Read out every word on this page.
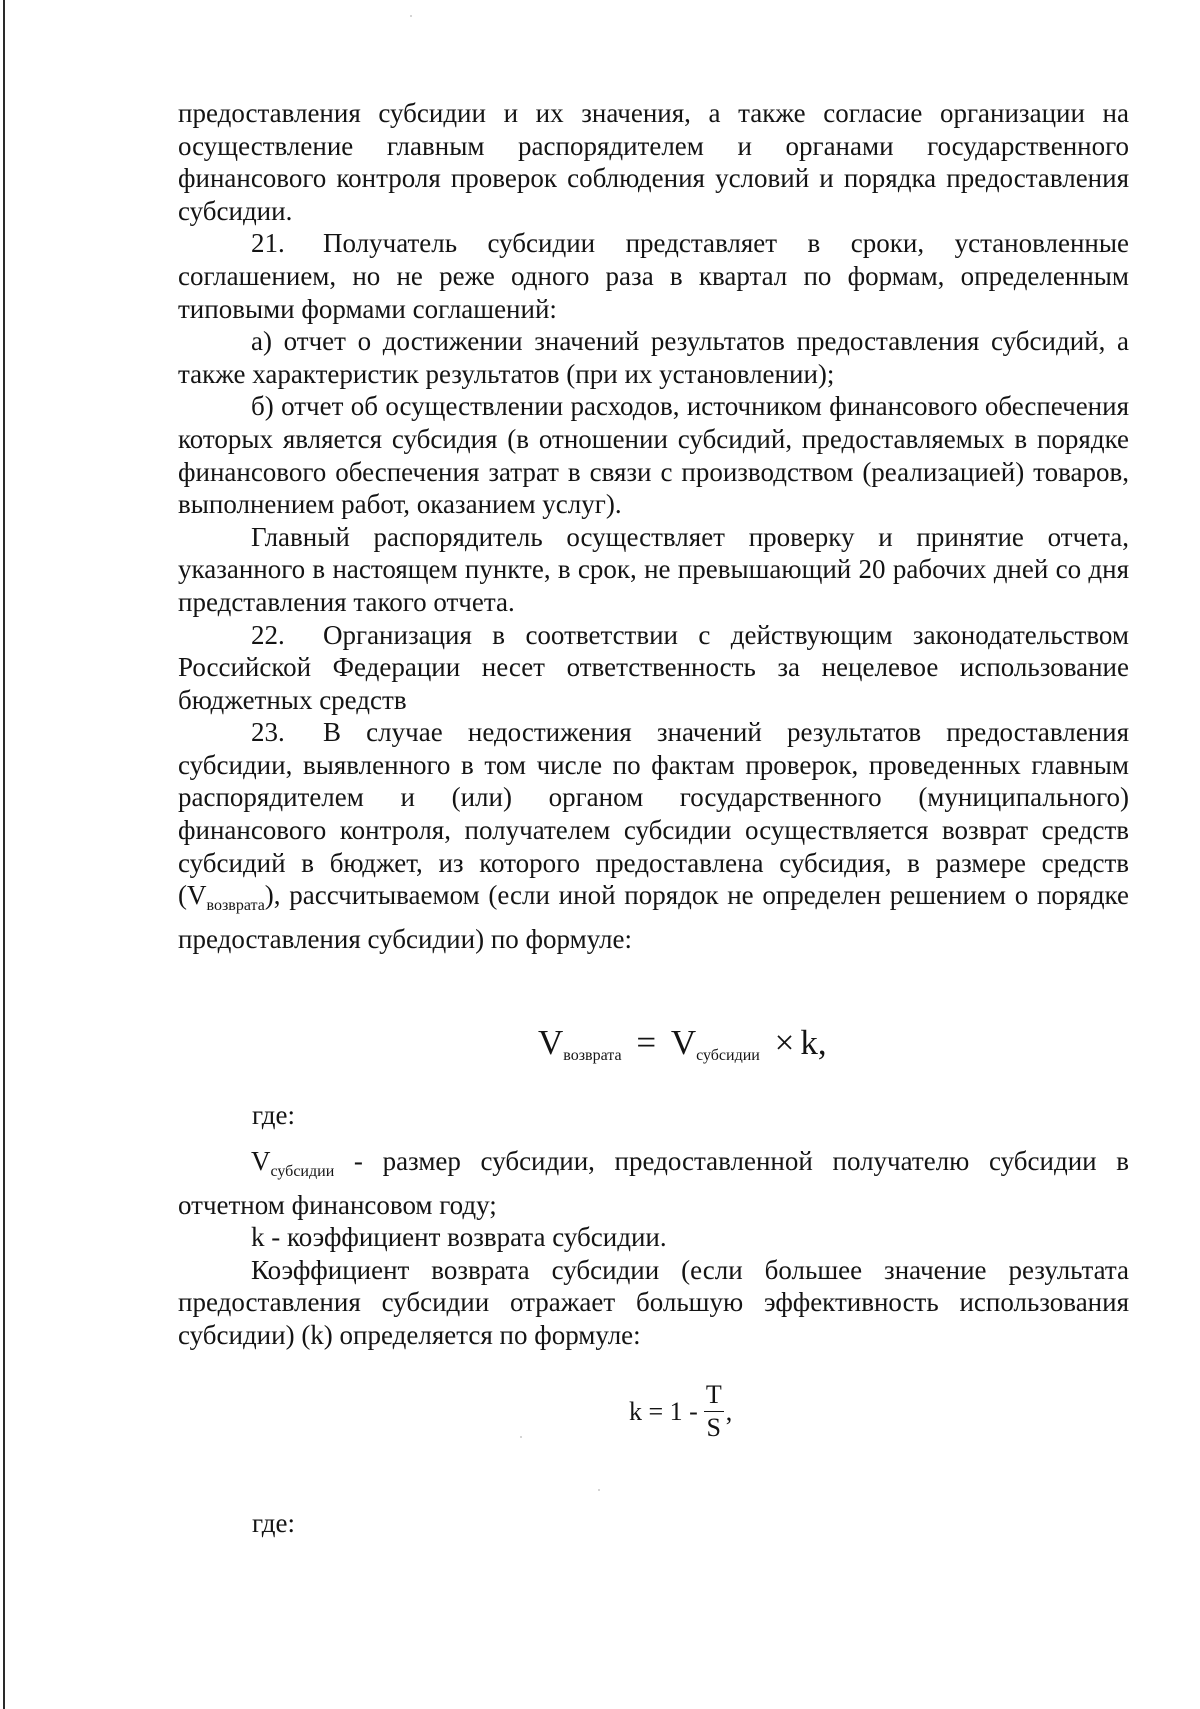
предоставления субсидии и их значения, а также согласие организации на осуществление главным распорядителем и органами государственного финансового контроля проверок соблюдения условий и порядка предоставления субсидии.

21. Получатель субсидии представляет в сроки, установленные соглашением, но не реже одного раза в квартал по формам, определенным типовыми формами соглашений:

а) отчет о достижении значений результатов предоставления субсидий, а также характеристик результатов (при их установлении);

б) отчет об осуществлении расходов, источником финансового обеспечения которых является субсидия (в отношении субсидий, предоставляемых в порядке финансового обеспечения затрат в связи с производством (реализацией) товаров, выполнением работ, оказанием услуг).

Главный распорядитель осуществляет проверку и принятие отчета, указанного в настоящем пункте, в срок, не превышающий 20 рабочих дней со дня представления такого отчета.

22. Организация в соответствии с действующим законодательством Российской Федерации несет ответственность за нецелевое использование бюджетных средств

23. В случае недостижения значений результатов предоставления субсидии, выявленного в том числе по фактам проверок, проведенных главным распорядителем и (или) органом государственного (муниципального) финансового контроля, получателем субсидии осуществляется возврат средств субсидий в бюджет, из которого предоставлена субсидия, в размере средств $(V_{возврата})$, рассчитываемом (если иной порядок не определен решением о порядке предоставления субсидии) по формуле:

$V_{возврата} = V_{субсидии} \times k$,
где:

$V_{субсидии}$ - размер субсидии, предоставленной получателю субсидии в отчетном финансовом году;

k - коэффициент возврата субсидии.

Коэффициент возврата субсидии (если большее значение результата предоставления субсидии отражает большую эффективность использования субсидии) (k) определяется по формуле:

$k = 1 - \frac{T}{S}$ ,
где:
